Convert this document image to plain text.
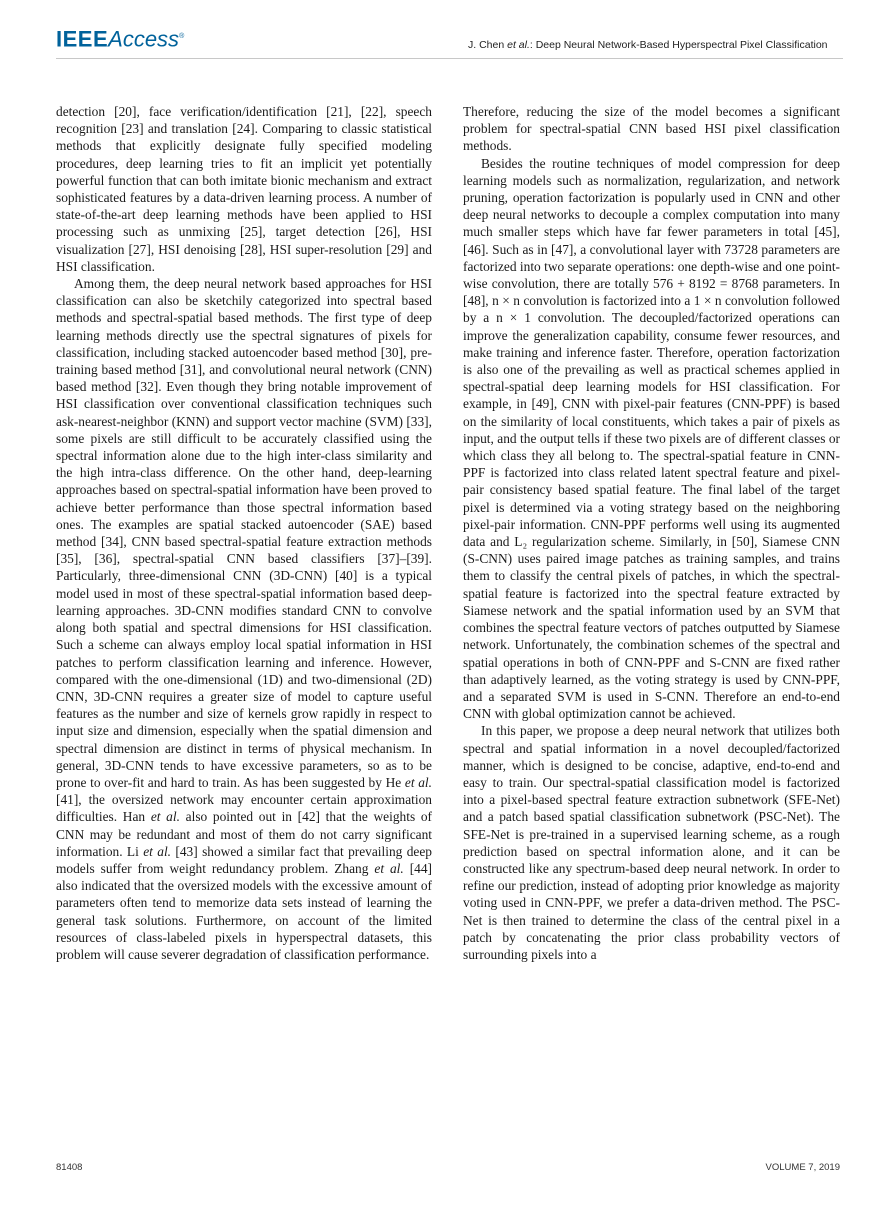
IEEEAccess®
J. Chen et al.: Deep Neural Network-Based Hyperspectral Pixel Classification

detection [20], face verification/identification [21], [22], speech recognition [23] and translation [24]. Comparing to classic statistical methods that explicitly designate fully specified modeling procedures, deep learning tries to fit an implicit yet potentially powerful function that can both imitate bionic mechanism and extract sophisticated features by a data-driven learning process. A number of state-of-the-art deep learning methods have been applied to HSI processing such as unmixing [25], target detection [26], HSI visualization [27], HSI denoising [28], HSI super-resolution [29] and HSI classification.

Among them, the deep neural network based approaches for HSI classification can also be sketchily categorized into spectral based methods and spectral-spatial based methods. The first type of deep learning methods directly use the spectral signatures of pixels for classification, including stacked autoencoder based method [30], pre-training based method [31], and convolutional neural network (CNN) based method [32]. Even though they bring notable improvement of HSI classification over conventional classification techniques such ask-nearest-neighbor (KNN) and support vector machine (SVM) [33], some pixels are still difficult to be accurately classified using the spectral information alone due to the high inter-class similarity and the high intra-class difference. On the other hand, deep-learning approaches based on spectral-spatial information have been proved to achieve better performance than those spectral information based ones. The examples are spatial stacked autoencoder (SAE) based method [34], CNN based spectral-spatial feature extraction methods [35], [36], spectral-spatial CNN based classifiers [37]–[39]. Particularly, three-dimensional CNN (3D-CNN) [40] is a typical model used in most of these spectral-spatial information based deep-learning approaches. 3D-CNN modifies standard CNN to convolve along both spatial and spectral dimensions for HSI classification. Such a scheme can always employ local spatial information in HSI patches to perform classification learning and inference. However, compared with the one-dimensional (1D) and two-dimensional (2D) CNN, 3D-CNN requires a greater size of model to capture useful features as the number and size of kernels grow rapidly in respect to input size and dimension, especially when the spatial dimension and spectral dimension are distinct in terms of physical mechanism. In general, 3D-CNN tends to have excessive parameters, so as to be prone to over-fit and hard to train. As has been suggested by He et al. [41], the oversized network may encounter certain approximation difficulties. Han et al. also pointed out in [42] that the weights of CNN may be redundant and most of them do not carry significant information. Li et al. [43] showed a similar fact that prevailing deep models suffer from weight redundancy problem. Zhang et al. [44] also indicated that the oversized models with the excessive amount of parameters often tend to memorize data sets instead of learning the general task solutions. Furthermore, on account of the limited resources of class-labeled pixels in hyperspectral datasets, this problem will cause severer degradation of classification performance.

Therefore, reducing the size of the model becomes a significant problem for spectral-spatial CNN based HSI pixel classification methods.

Besides the routine techniques of model compression for deep learning models such as normalization, regularization, and network pruning, operation factorization is popularly used in CNN and other deep neural networks to decouple a complex computation into many much smaller steps which have far fewer parameters in total [45], [46]. Such as in [47], a convolutional layer with 73728 parameters are factorized into two separate operations: one depth-wise and one point-wise convolution, there are totally 576 + 8192 = 8768 parameters. In [48], n × n convolution is factorized into a 1 × n convolution followed by a n × 1 convolution. The decoupled/factorized operations can improve the generalization capability, consume fewer resources, and make training and inference faster. Therefore, operation factorization is also one of the prevailing as well as practical schemes applied in spectral-spatial deep learning models for HSI classification. For example, in [49], CNN with pixel-pair features (CNN-PPF) is based on the similarity of local constituents, which takes a pair of pixels as input, and the output tells if these two pixels are of different classes or which class they all belong to. The spectral-spatial feature in CNN-PPF is factorized into class related latent spectral feature and pixel-pair consistency based spatial feature. The final label of the target pixel is determined via a voting strategy based on the neighboring pixel-pair information. CNN-PPF performs well using its augmented data and L₂ regularization scheme. Similarly, in [50], Siamese CNN (S-CNN) uses paired image patches as training samples, and trains them to classify the central pixels of patches, in which the spectral-spatial feature is factorized into the spectral feature extracted by Siamese network and the spatial information used by an SVM that combines the spectral feature vectors of patches outputted by Siamese network. Unfortunately, the combination schemes of the spectral and spatial operations in both of CNN-PPF and S-CNN are fixed rather than adaptively learned, as the voting strategy is used by CNN-PPF, and a separated SVM is used in S-CNN. Therefore an end-to-end CNN with global optimization cannot be achieved.

In this paper, we propose a deep neural network that utilizes both spectral and spatial information in a novel decoupled/factorized manner, which is designed to be concise, adaptive, end-to-end and easy to train. Our spectral-spatial classification model is factorized into a pixel-based spectral feature extraction subnetwork (SFE-Net) and a patch based spatial classification subnetwork (PSC-Net). The SFE-Net is pre-trained in a supervised learning scheme, as a rough prediction based on spectral information alone, and it can be constructed like any spectrum-based deep neural network. In order to refine our prediction, instead of adopting prior knowledge as majority voting used in CNN-PPF, we prefer a data-driven method. The PSC-Net is then trained to determine the class of the central pixel in a patch by concatenating the prior class probability vectors of surrounding pixels into a

81408	VOLUME 7, 2019
